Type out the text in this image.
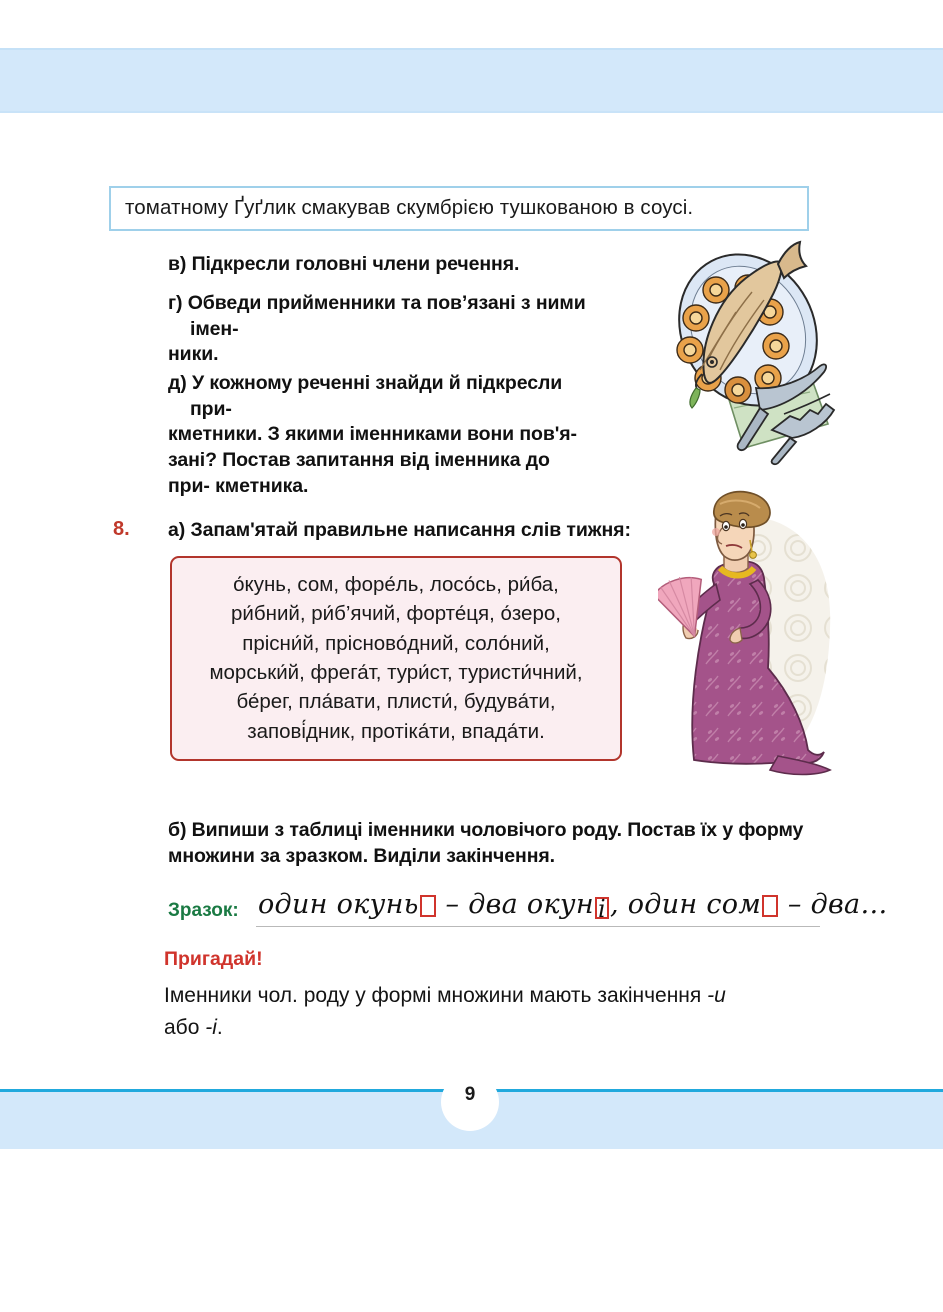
томатному Ґуґлик смакував скумбрією тушкованою в соусі.
в) Підкресли головні члени речення.
г) Обведи прийменники та пов’язані з ними імен-
ники.
д) У кожному реченні знайди й підкресли при-
кметники. З якими іменниками вони пов'я- зані? Постав запитання від іменника до при- кметника.
8. а) Запам'ятай правильне написання слів тижня:
о́кунь, сом, форе́ль, лосо́сь, ри́ба,
ри́бний, ри́б’ячий, форте́ця, о́зеро,
прісни́й, прісново́дний, соло́ний,
морськи́й, фрега́т, тури́ст, туристи́чний,
бе́рег, пла́вати, плисти́, будува́ти,
запові́дник, протіка́ти, впада́ти.
б) Випиши з таблиці іменники чоловічого роду. Постав їх у форму
множини за зразком. Виділи закінчення.
Зразок: один окунь – два окун і , один сом – два…
Пригадай!
Іменники чол. роду у формі множини мають закінчення -и
або -і.
9
